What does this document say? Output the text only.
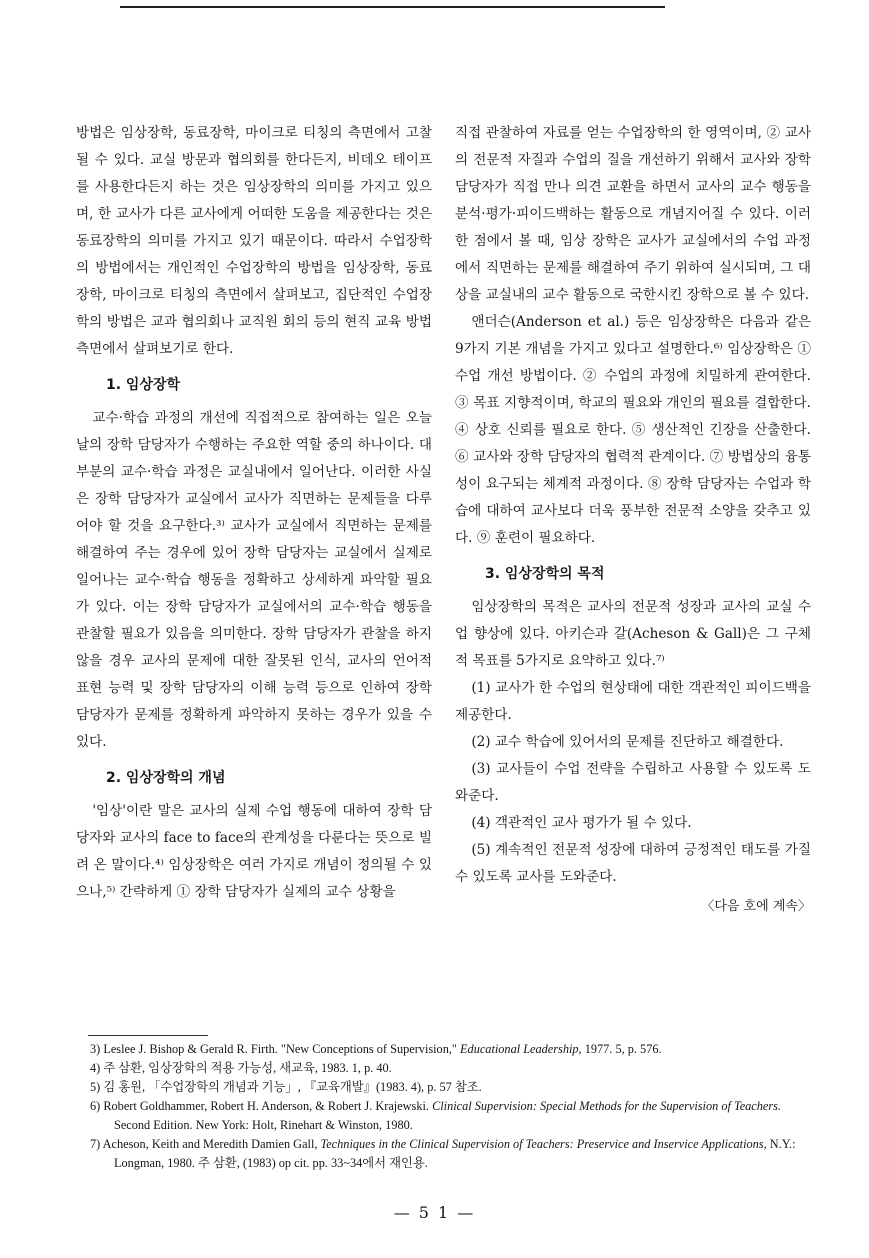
방법은 임상장학, 동료장학, 마이크로 티칭의 측면에서 고찰될 수 있다. 교실 방문과 협의회를 한다든지, 비데오 테이프를 사용한다든지 하는 것은 임상장학의 의미를 가지고 있으며, 한 교사가 다른 교사에게 어떠한 도움을 제공한다는 것은 동료장학의 의미를 가지고 있기 때문이다. 따라서 수업장학의 방법에서는 개인적인 수업장학의 방법을 임상장학, 동료장학, 마이크로 티칭의 측면에서 살펴보고, 집단적인 수업장학의 방법은 교과 협의회나 교직원 회의 등의 현직 교육 방법 측면에서 살펴보기로 한다.

1. 임상장학

교수·학습 과정의 개선에 직접적으로 참여하는 일은 오늘날의 장학 담당자가 수행하는 주요한 역할 중의 하나이다. 대부분의 교수·학습 과정은 교실내에서 일어난다. 이러한 사실은 장학 담당자가 교실에서 교사가 직면하는 문제들을 다루어야 할 것을 요구한다.³⁾ 교사가 교실에서 직면하는 문제를 해결하여 주는 경우에 있어 장학 담당자는 교실에서 실제로 일어나는 교수·학습 행동을 정확하고 상세하게 파악할 필요가 있다. 이는 장학 담당자가 교실에서의 교수·학습 행동을 관찰할 필요가 있음을 의미한다. 장학 담당자가 관찰을 하지 않을 경우 교사의 문제에 대한 잘못된 인식, 교사의 언어적 표현 능력 및 장학 담당자의 이해 능력 등으로 인하여 장학 담당자가 문제를 정확하게 파악하지 못하는 경우가 있을 수 있다.

2. 임상장학의 개념

'임상'이란 말은 교사의 실제 수업 행동에 대하여 장학 담당자와 교사의 face to face의 관계성을 다룬다는 뜻으로 빌려 온 말이다.⁴⁾ 임상장학은 여러 가지로 개념이 정의될 수 있으나,⁵⁾ 간략하게 ① 장학 담당자가 실제의 교수 상황을

직접 관찰하여 자료를 얻는 수업장학의 한 영역이며, ② 교사의 전문적 자질과 수업의 질을 개선하기 위해서 교사와 장학 담당자가 직접 만나 의견 교환을 하면서 교사의 교수 행동을 분석·평가·피이드백하는 활동으로 개념지어질 수 있다. 이러한 점에서 볼 때, 임상 장학은 교사가 교실에서의 수업 과정에서 직면하는 문제를 해결하여 주기 위하여 실시되며, 그 대상을 교실내의 교수 활동으로 국한시킨 장학으로 볼 수 있다.

앤더슨(Anderson et al.) 등은 임상장학은 다음과 같은 9가지 기본 개념을 가지고 있다고 설명한다.⁶⁾ 임상장학은 ① 수업 개선 방법이다. ② 수업의 과정에 치밀하게 관여한다. ③ 목표 지향적이며, 학교의 필요와 개인의 필요를 결합한다. ④ 상호 신뢰를 필요로 한다. ⑤ 생산적인 긴장을 산출한다. ⑥ 교사와 장학 담당자의 협력적 관계이다. ⑦ 방법상의 융통성이 요구되는 체계적 과정이다. ⑧ 장학 담당자는 수업과 학습에 대하여 교사보다 더욱 풍부한 전문적 소양을 갖추고 있다. ⑨ 훈련이 필요하다.

3. 임상장학의 목적

임상장학의 목적은 교사의 전문적 성장과 교사의 교실 수업 향상에 있다. 아키슨과 갈(Acheson & Gall)은 그 구체적 목표를 5가지로 요약하고 있다.⁷⁾

(1) 교사가 한 수업의 현상태에 대한 객관적인 피이드백을 제공한다.

(2) 교수 학습에 있어서의 문제를 진단하고 해결한다.

(3) 교사들이 수업 전략을 수립하고 사용할 수 있도록 도와준다.

(4) 객관적인 교사 평가가 될 수 있다.

(5) 계속적인 전문적 성장에 대하여 긍정적인 태도를 가질 수 있도록 교사를 도와준다.

〈다음 호에 계속〉
3) Leslee J. Bishop & Gerald R. Firth. "New Conceptions of Supervision," Educational Leadership, 1977. 5, p. 576.
4) 주 삼환, 임상장학의 적용 가능성, 새교육, 1983. 1, p. 40.
5) 김 홍원, 「수업장학의 개념과 기능」, 『교육개발』(1983. 4), p. 57 참조.
6) Robert Goldhammer, Robert H. Anderson, & Robert J. Krajewski. Clinical Supervision: Special Methods for the Supervision of Teachers. Second Edition. New York: Holt, Rinehart & Winston, 1980.
7) Acheson, Keith and Meredith Damien Gall, Techniques in the Clinical Supervision of Teachers: Preservice and Inservice Applications, N.Y.: Longman, 1980. 주 삼환, (1983) op cit. pp. 33~34에서 재인용.
— 5 1 —
